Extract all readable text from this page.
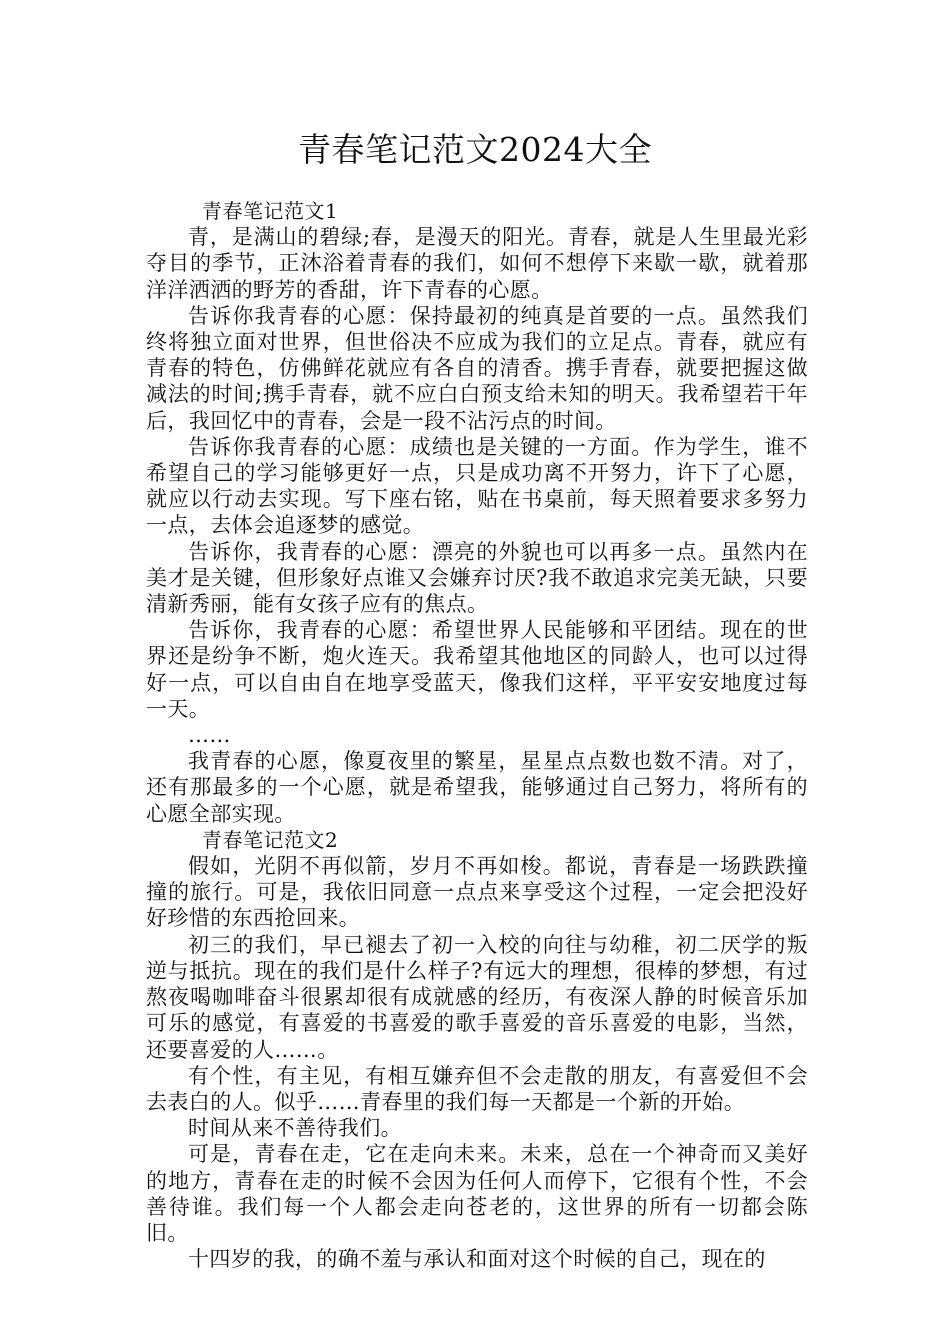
青春笔记范文2024大全

青春笔记范文1

青，是满山的碧绿;春，是漫天的阳光。青春，就是人生里最光彩夺目的季节，正沐浴着青春的我们，如何不想停下来歇一歇，就着那洋洋洒洒的野芳的香甜，许下青春的心愿。

告诉你我青春的心愿：保持最初的纯真是首要的一点。虽然我们终将独立面对世界，但世俗决不应成为我们的立足点。青春，就应有青春的特色，仿佛鲜花就应有各自的清香。携手青春，就要把握这做减法的时间;携手青春，就不应白白预支给未知的明天。我希望若干年后，我回忆中的青春，会是一段不沾污点的时间。

告诉你我青春的心愿：成绩也是关键的一方面。作为学生，谁不希望自己的学习能够更好一点，只是成功离不开努力，许下了心愿，就应以行动去实现。写下座右铭，贴在书桌前，每天照着要求多努力一点，去体会追逐梦的感觉。

告诉你，我青春的心愿：漂亮的外貌也可以再多一点。虽然内在美才是关键，但形象好点谁又会嫌弃讨厌?我不敢追求完美无缺，只要清新秀丽，能有女孩子应有的焦点。

告诉你，我青春的心愿：希望世界人民能够和平团结。现在的世界还是纷争不断，炮火连天。我希望其他地区的同龄人，也可以过得好一点，可以自由自在地享受蓝天，像我们这样，平平安安地度过每一天。

……

我青春的心愿，像夏夜里的繁星，星星点点数也数不清。对了，还有那最多的一个心愿，就是希望我，能够通过自己努力，将所有的心愿全部实现。

青春笔记范文2

假如，光阴不再似箭，岁月不再如梭。都说，青春是一场跌跌撞撞的旅行。可是，我依旧同意一点点来享受这个过程，一定会把没好好珍惜的东西抢回来。

初三的我们，早已褪去了初一入校的向往与幼稚，初二厌学的叛逆与抵抗。现在的我们是什么样子?有远大的理想，很棒的梦想，有过熬夜喝咖啡奋斗很累却很有成就感的经历，有夜深人静的时候音乐加可乐的感觉，有喜爱的书喜爱的歌手喜爱的音乐喜爱的电影，当然，还要喜爱的人……。

有个性，有主见，有相互嫌弃但不会走散的朋友，有喜爱但不会去表白的人。似乎……青春里的我们每一天都是一个新的开始。

时间从来不善待我们。

可是，青春在走，它在走向未来。未来，总在一个神奇而又美好的地方，青春在走的时候不会因为任何人而停下，它很有个性，不会善待谁。我们每一个人都会走向苍老的，这世界的所有一切都会陈旧。

十四岁的我，的确不羞与承认和面对这个时候的自己，现在的
